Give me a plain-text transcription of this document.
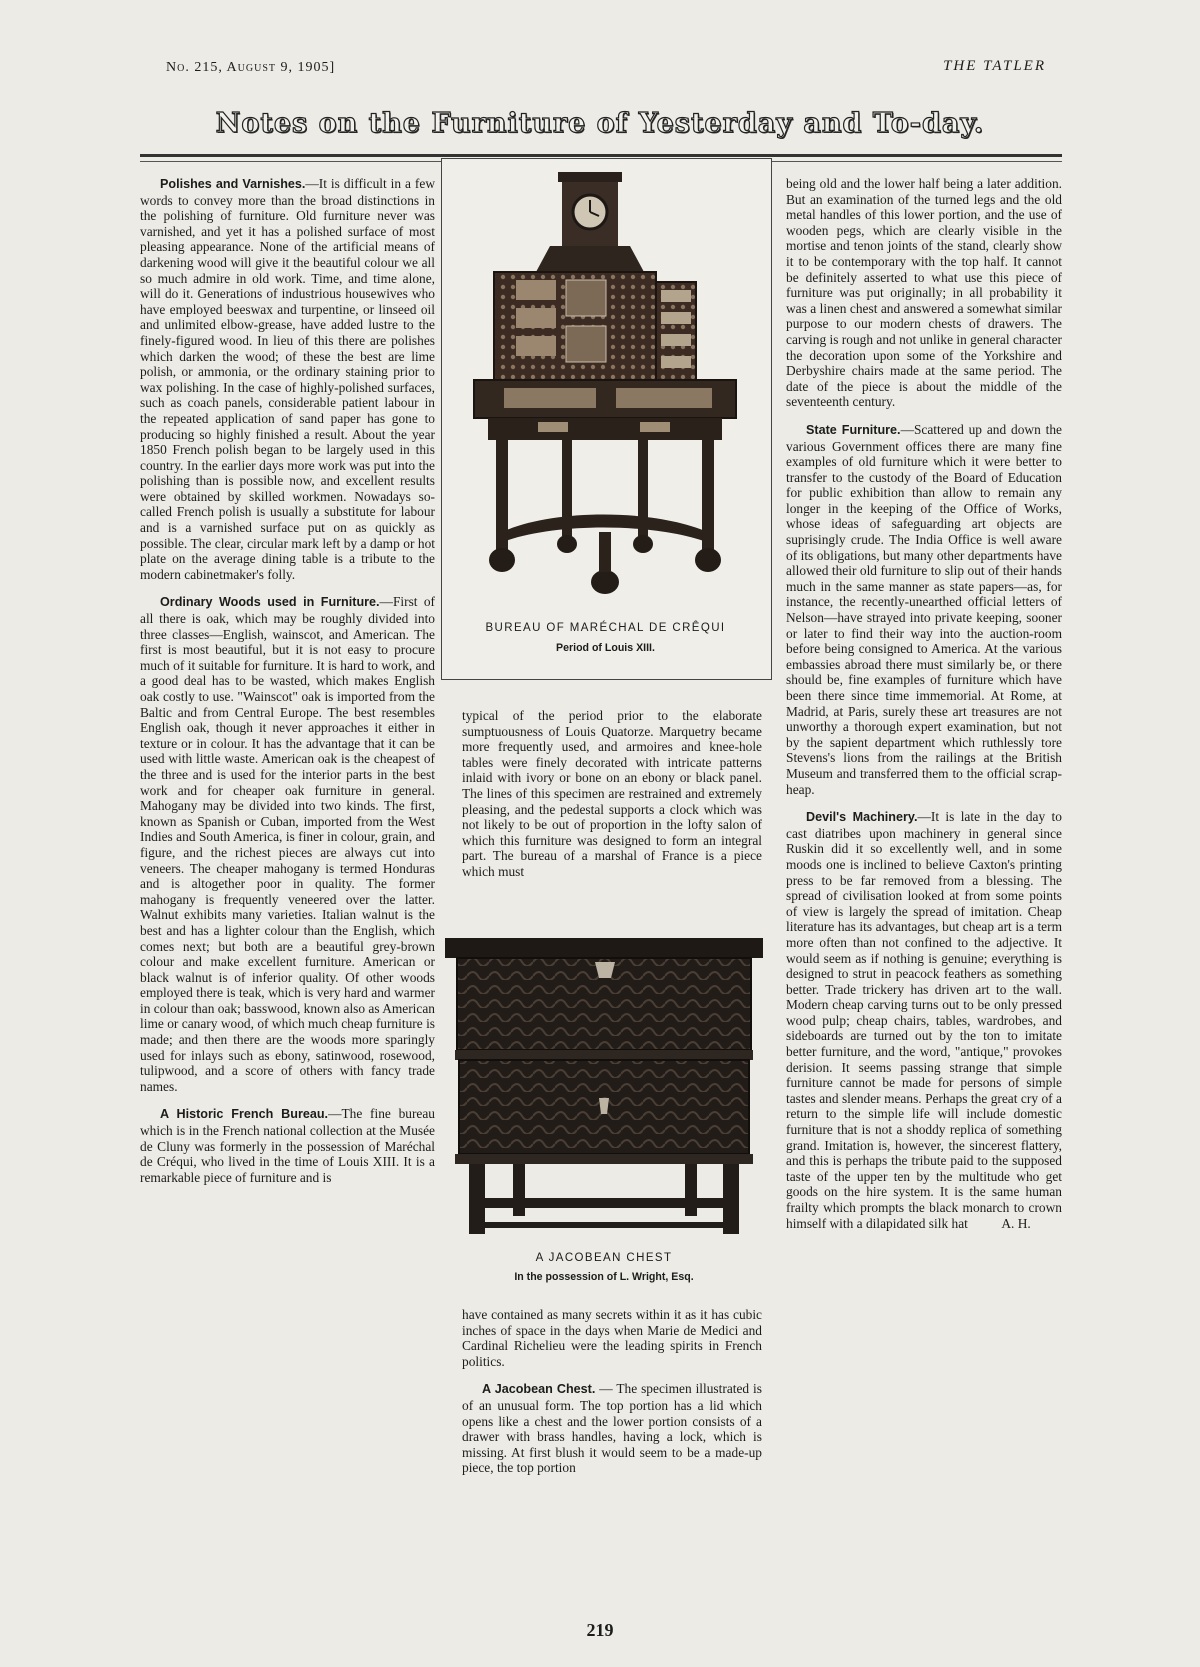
No. 215, August 9, 1905]	THE TATLER
Notes on the Furniture of Yesterday and To-day.

Polishes and Varnishes.—It is difficult in a few words to convey more than the broad distinctions in the polishing of furniture. Old furniture never was varnished, and yet it has a polished surface of most pleasing appearance. None of the artificial means of darkening wood will give it the beautiful colour we all so much admire in old work. Time, and time alone, will do it. Generations of industrious housewives who have employed beeswax and turpentine, or linseed oil and unlimited elbow-grease, have added lustre to the finely-figured wood. In lieu of this there are polishes which darken the wood; of these the best are lime polish, or ammonia, or the ordinary staining prior to wax polishing. In the case of highly-polished surfaces, such as coach panels, considerable patient labour in the repeated application of sand paper has gone to producing so highly finished a result. About the year 1850 French polish began to be largely used in this country. In the earlier days more work was put into the polishing than is possible now, and excellent results were obtained by skilled workmen. Nowadays so-called French polish is usually a substitute for labour and is a varnished surface put on as quickly as possible. The clear, circular mark left by a damp or hot plate on the average dining table is a tribute to the modern cabinetmaker's folly.

Ordinary Woods used in Furniture.—First of all there is oak, which may be roughly divided into three classes—English, wainscot, and American. The first is most beautiful, but it is not easy to procure much of it suitable for furniture. It is hard to work, and a good deal has to be wasted, which makes English oak costly to use. "Wainscot" oak is imported from the Baltic and from Central Europe. The best resembles English oak, though it never approaches it either in texture or in colour. It has the advantage that it can be used with little waste. American oak is the cheapest of the three and is used for the interior parts in the best work and for cheaper oak furniture in general. Mahogany may be divided into two kinds. The first, known as Spanish or Cuban, imported from the West Indies and South America, is finer in colour, grain, and figure, and the richest pieces are always cut into veneers. The cheaper mahogany is termed Honduras and is altogether poor in quality. The former mahogany is frequently veneered over the latter. Walnut exhibits many varieties. Italian walnut is the best and has a lighter colour than the English, which comes next; but both are a beautiful grey-brown colour and make excellent furniture. American or black walnut is of inferior quality. Of other woods employed there is teak, which is very hard and warmer in colour than oak; basswood, known also as American lime or canary wood, of which much cheap furniture is made; and then there are the woods more sparingly used for inlays such as ebony, satinwood, rosewood, tulipwood, and a score of others with fancy trade names.

A Historic French Bureau.—The fine bureau which is in the French national collection at the Musée de Cluny was formerly in the possession of Maréchal de Créqui, who lived in the time of Louis XIII. It is a remarkable piece of furniture and is

BUREAU OF MARÉCHAL DE CRÊQUI
Period of Louis XIII.

typical of the period prior to the elaborate sumptuousness of Louis Quatorze. Marquetry became more frequently used, and armoires and knee-hole tables were finely decorated with intricate patterns inlaid with ivory or bone on an ebony or black panel. The lines of this specimen are restrained and extremely pleasing, and the pedestal supports a clock which was not likely to be out of proportion in the lofty salon of which this furniture was designed to form an integral part. The bureau of a marshal of France is a piece which must

A JACOBEAN CHEST
In the possession of L. Wright, Esq.

have contained as many secrets within it as it has cubic inches of space in the days when Marie de Medici and Cardinal Richelieu were the leading spirits in French politics.

A Jacobean Chest. — The specimen illustrated is of an unusual form. The top portion has a lid which opens like a chest and the lower portion consists of a drawer with brass handles, having a lock, which is missing. At first blush it would seem to be a made-up piece, the top portion

being old and the lower half being a later addition. But an examination of the turned legs and the old metal handles of this lower portion, and the use of wooden pegs, which are clearly visible in the mortise and tenon joints of the stand, clearly show it to be contemporary with the top half. It cannot be definitely asserted to what use this piece of furniture was put originally; in all probability it was a linen chest and answered a somewhat similar purpose to our modern chests of drawers. The carving is rough and not unlike in general character the decoration upon some of the Yorkshire and Derbyshire chairs made at the same period. The date of the piece is about the middle of the seventeenth century.

State Furniture.—Scattered up and down the various Government offices there are many fine examples of old furniture which it were better to transfer to the custody of the Board of Education for public exhibition than allow to remain any longer in the keeping of the Office of Works, whose ideas of safeguarding art objects are suprisingly crude. The India Office is well aware of its obligations, but many other departments have allowed their old furniture to slip out of their hands much in the same manner as state papers—as, for instance, the recently-unearthed official letters of Nelson—have strayed into private keeping, sooner or later to find their way into the auction-room before being consigned to America. At the various embassies abroad there must similarly be, or there should be, fine examples of furniture which have been there since time immemorial. At Rome, at Madrid, at Paris, surely these art treasures are not unworthy a thorough expert examination, but not by the sapient department which ruthlessly tore Stevens's lions from the railings at the British Museum and transferred them to the official scrap-heap.

Devil's Machinery.—It is late in the day to cast diatribes upon machinery in general since Ruskin did it so excellently well, and in some moods one is inclined to believe Caxton's printing press to be far removed from a blessing. The spread of civilisation looked at from some points of view is largely the spread of imitation. Cheap literature has its advantages, but cheap art is a term more often than not confined to the adjective. It would seem as if nothing is genuine; everything is designed to strut in peacock feathers as something better. Trade trickery has driven art to the wall. Modern cheap carving turns out to be only pressed wood pulp; cheap chairs, tables, wardrobes, and sideboards are turned out by the ton to imitate better furniture, and the word, "antique," provokes derision. It seems passing strange that simple furniture cannot be made for persons of simple tastes and slender means. Perhaps the great cry of a return to the simple life will include domestic furniture that is not a shoddy replica of something grand. Imitation is, however, the sincerest flattery, and this is perhaps the tribute paid to the supposed taste of the upper ten by the multitude who get goods on the hire system. It is the same human frailty which prompts the black monarch to crown himself with a dilapidated silk hat A. H.

219
